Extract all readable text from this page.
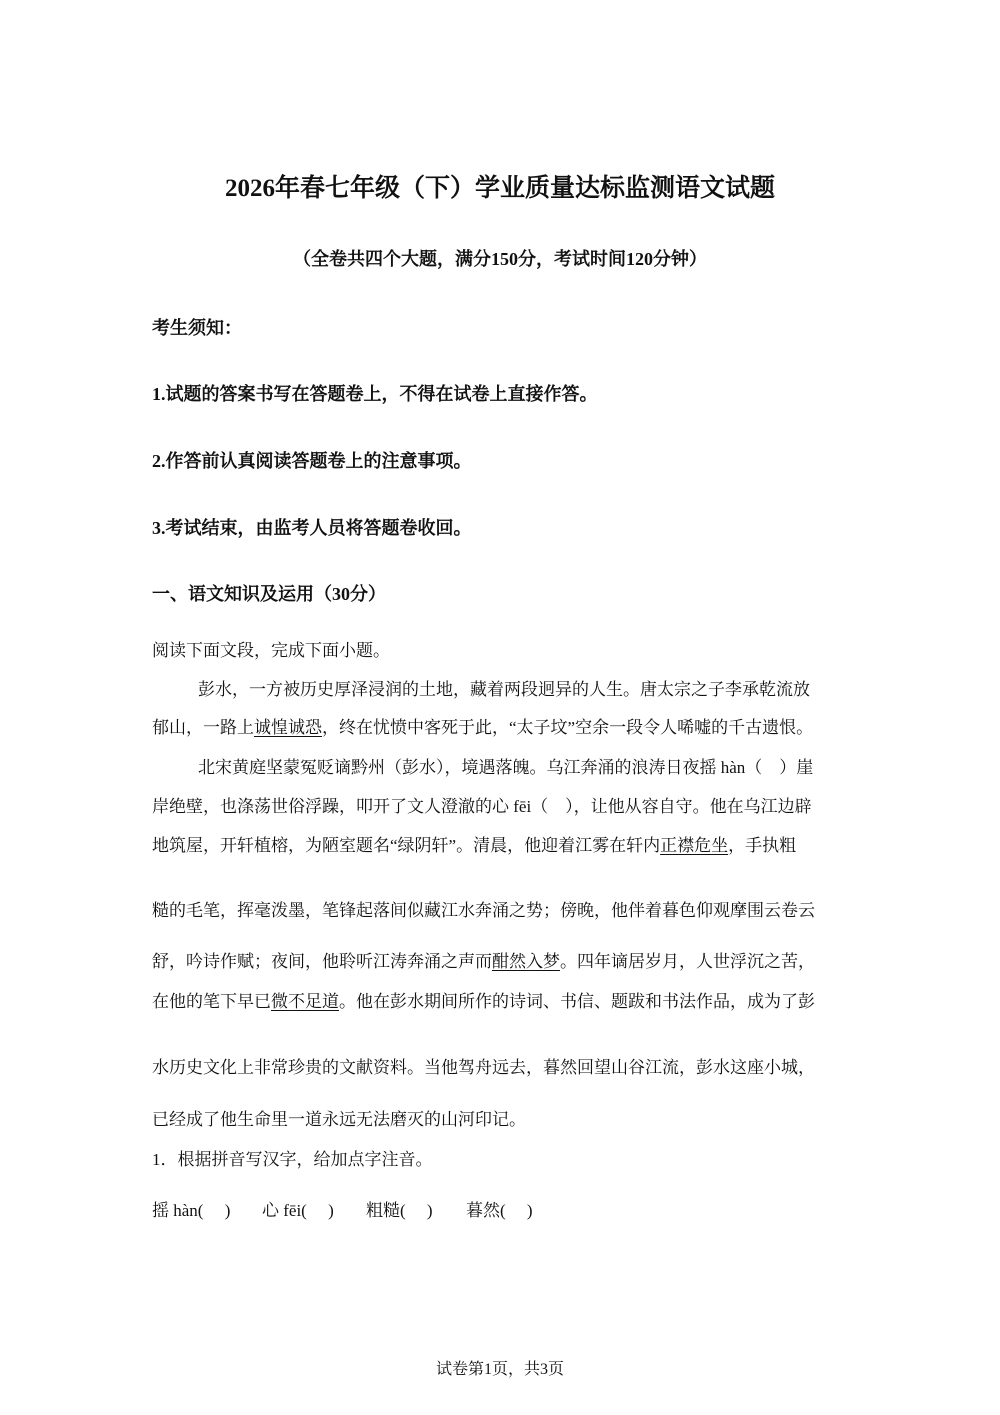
2026年春七年级（下）学业质量达标监测语文试题
（全卷共四个大题，满分150分，考试时间120分钟）
考生须知：
1.试题的答案书写在答题卷上，不得在试卷上直接作答。
2.作答前认真阅读答题卷上的注意事项。
3.考试结束，由监考人员将答题卷收回。
一、语文知识及运用（30分）
阅读下面文段，完成下面小题。
彭水，一方被历史厚泽浸润的土地，藏着两段迥异的人生。唐太宗之子李承乾流放
郁山，一路上诚惶诚恐，终在忧愤中客死于此，“太子坟”空余一段令人唏嘘的千古遗恨。
北宋黄庭坚蒙冤贬谪黔州（彭水），境遇落魄。乌江奔涌的浪涛日夜摇 hàn（　）崖
岸绝壁，也涤荡世俗浮躁，叩开了文人澄澈的心 fēi（　），让他从容自守。他在乌江边辟
地筑屋，开轩植榕，为陋室题名“绿阴轩”。清晨，他迎着江雾在轩内正襟危坐，手执粗
糙的毛笔，挥毫泼墨，笔锋起落间似藏江水奔涌之势；傍晚，他伴着暮色仰观摩围云卷云
舒，吟诗作赋；夜间，他聆听江涛奔涌之声而酣然入梦。四年谪居岁月，人世浮沉之苦，
在他的笔下早已微不足道。他在彭水期间所作的诗词、书信、题跋和书法作品，成为了彭
水历史文化上非常珍贵的文献资料。当他驾舟远去，暮然回望山谷江流，彭水这座小城，
已经成了他生命里一道永远无法磨灭的山河印记。
1．根据拼音写汉字，给加点字注音。
摇 hàn(　 ) 心 fēi(　 ) 粗糙(　 ) 暮然(　 )
试卷第1页，共3页
